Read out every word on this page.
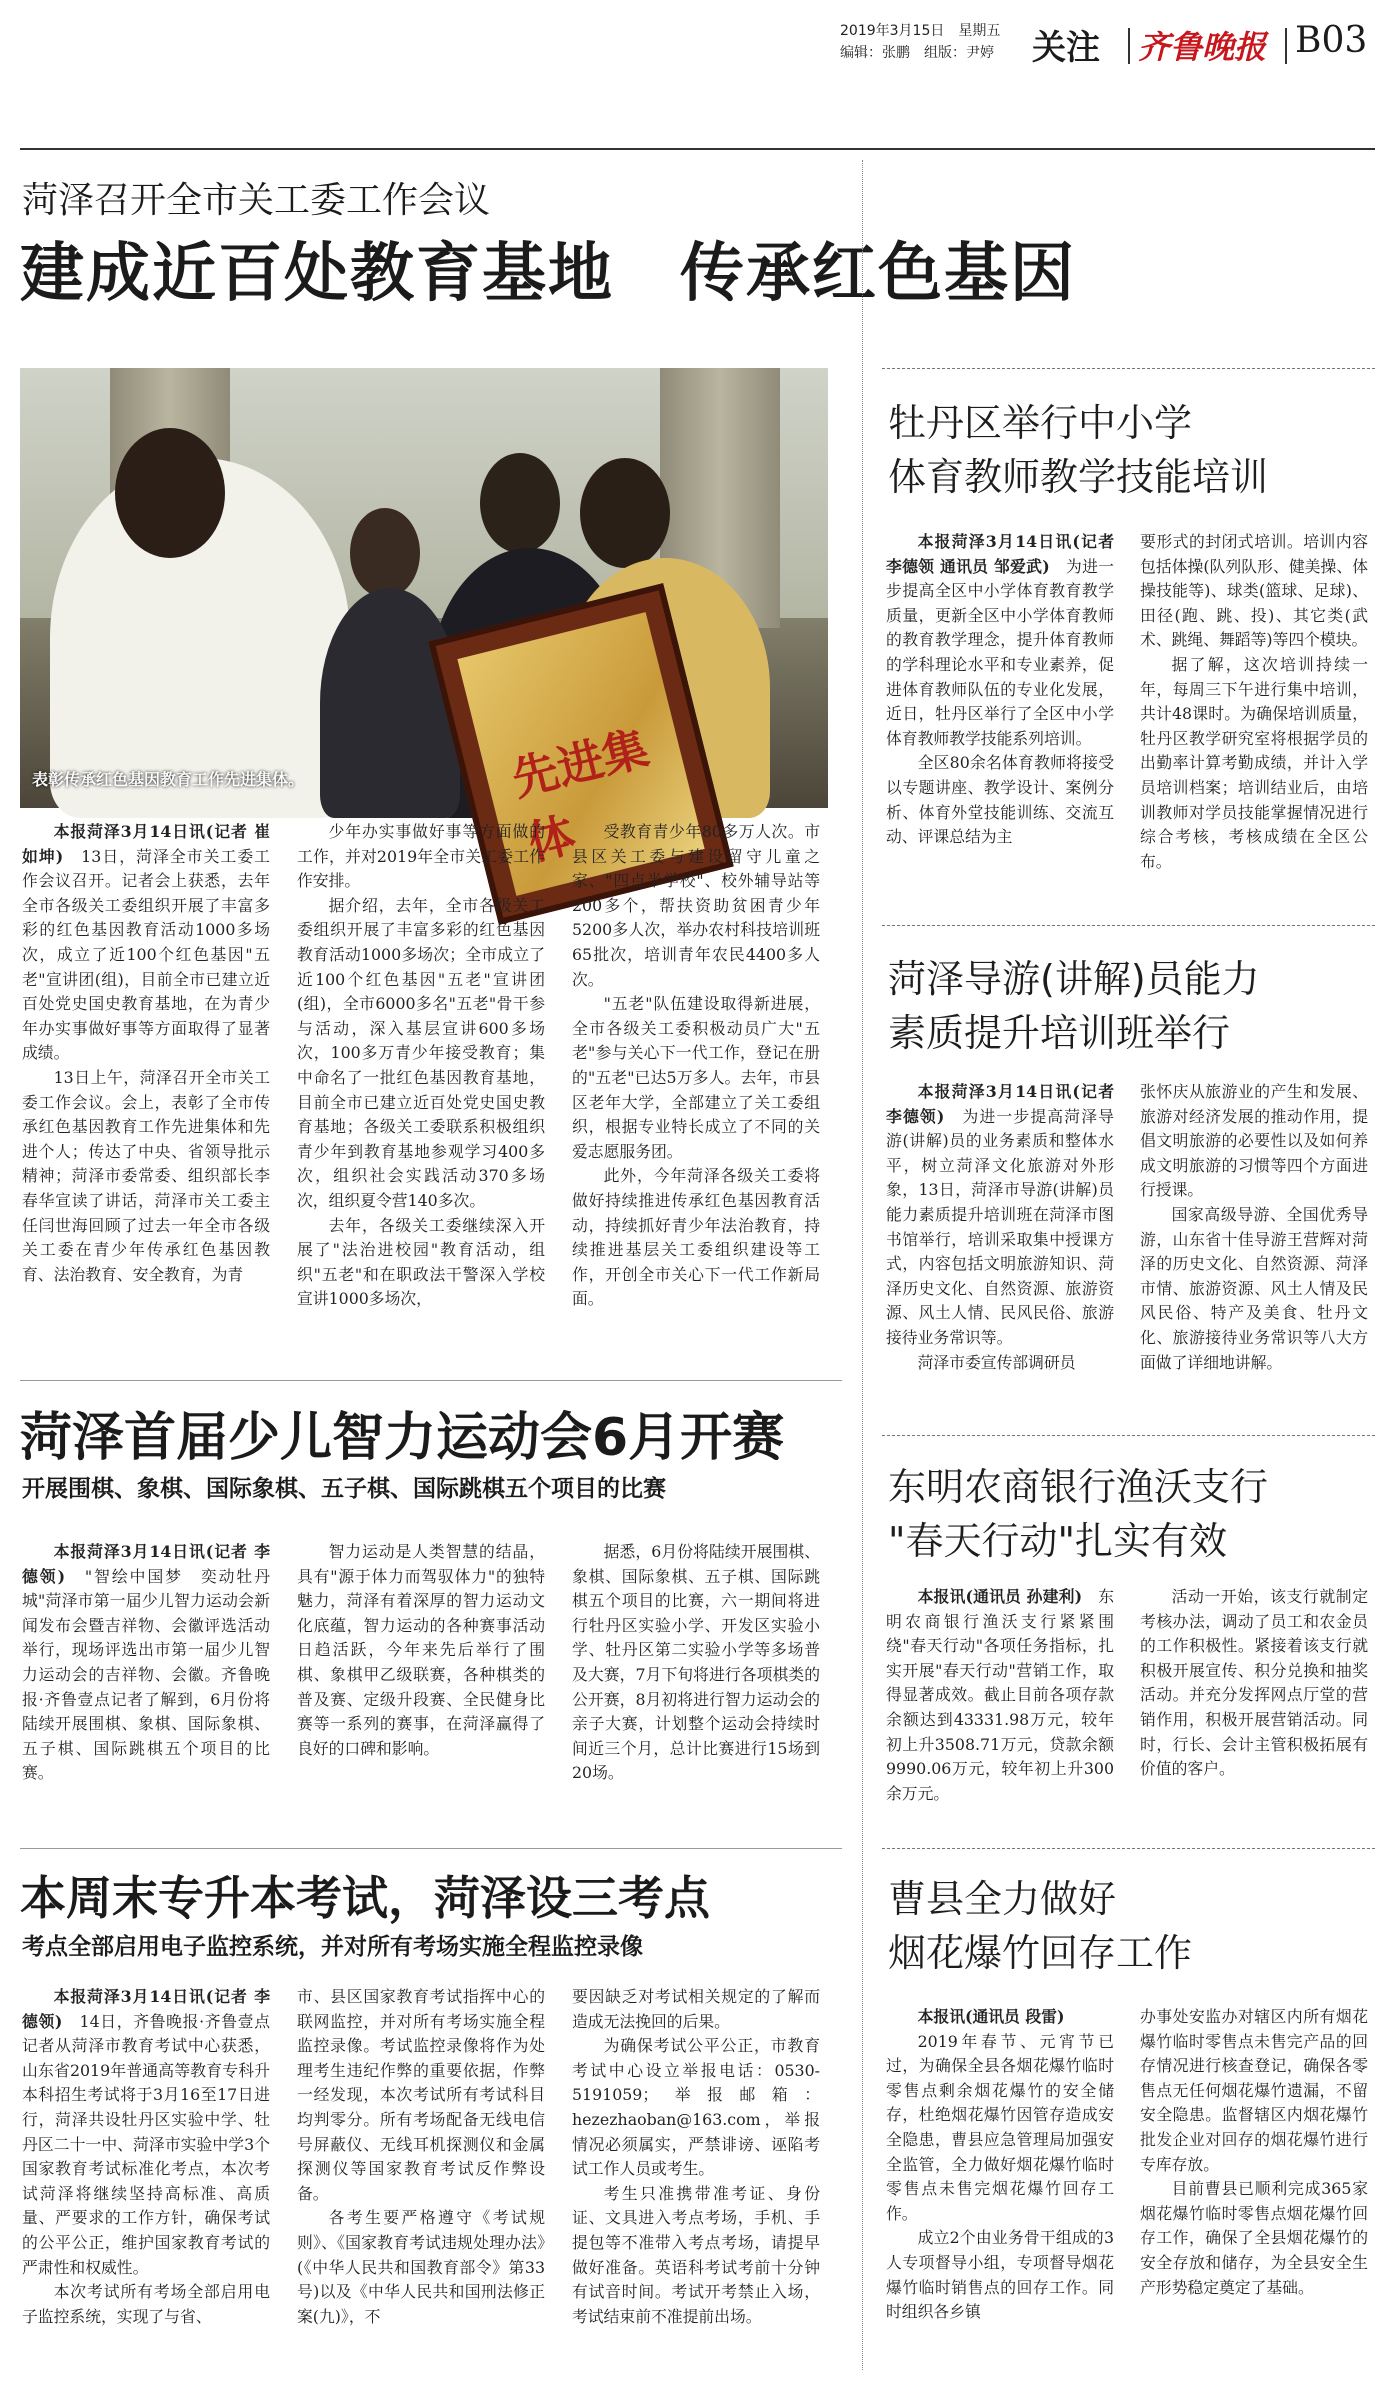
2019年3月15日　星期五
编辑：张鹏　组版：尹婷 关注 齐鲁晚报 B03
菏泽召开全市关工委工作会议
建成近百处教育基地　传承红色基因
先进集体
表彰传承红色基因教育工作先进集体。

本报菏泽3月14日讯(记者 崔如坤)　13日，菏泽全市关工委工作会议召开。记者会上获悉，去年全市各级关工委组织开展了丰富多彩的红色基因教育活动1000多场次，成立了近100个红色基因"五老"宣讲团(组)，目前全市已建立近百处党史国史教育基地，在为青少年办实事做好事等方面取得了显著成绩。

13日上午，菏泽召开全市关工委工作会议。会上，表彰了全市传承红色基因教育工作先进集体和先进个人；传达了中央、省领导批示精神；菏泽市委常委、组织部长李春华宣读了讲话，菏泽市关工委主任闫世海回顾了过去一年全市各级关工委在青少年传承红色基因教育、法治教育、安全教育，为青

少年办实事做好事等方面做的工作，并对2019年全市关工委工作作安排。

据介绍，去年，全市各级关工委组织开展了丰富多彩的红色基因教育活动1000多场次；全市成立了近100个红色基因"五老"宣讲团(组)，全市6000多名"五老"骨干参与活动，深入基层宣讲600多场次，100多万青少年接受教育；集中命名了一批红色基因教育基地，目前全市已建立近百处党史国史教育基地；各级关工委联系积极组织青少年到教育基地参观学习400多次，组织社会实践活动370多场次，组织夏令营140多次。

去年，各级关工委继续深入开展了"法治进校园"教育活动，组织"五老"和在职政法干警深入学校宣讲1000多场次，

受教育青少年80多万人次。市县区关工委与建设留守儿童之家、"四点半学校"、校外辅导站等200多个，帮扶资助贫困青少年5200多人次，举办农村科技培训班65批次，培训青年农民4400多人次。

"五老"队伍建设取得新进展，全市各级关工委积极动员广大"五老"参与关心下一代工作，登记在册的"五老"已达5万多人。去年，市县区老年大学，全部建立了关工委组织，根据专业特长成立了不同的关爱志愿服务团。

此外，今年菏泽各级关工委将做好持续推进传承红色基因教育活动，持续抓好青少年法治教育，持续推进基层关工委组织建设等工作，开创全市关心下一代工作新局面。

牡丹区举行中小学
体育教师教学技能培训

本报菏泽3月14日讯(记者 李德领 通讯员 邹爱武)　为进一步提高全区中小学体育教育教学质量，更新全区中小学体育教师的教育教学理念，提升体育教师的学科理论水平和专业素养，促进体育教师队伍的专业化发展，近日，牡丹区举行了全区中小学体育教师教学技能系列培训。

全区80余名体育教师将接受以专题讲座、教学设计、案例分析、体育外堂技能训练、交流互动、评课总结为主

要形式的封闭式培训。培训内容包括体操(队列队形、健美操、体操技能等)、球类(篮球、足球)、田径(跑、跳、投)、其它类(武术、跳绳、舞蹈等)等四个模块。

据了解，这次培训持续一年，每周三下午进行集中培训，共计48课时。为确保培训质量，牡丹区教学研究室将根据学员的出勤率计算考勤成绩，并计入学员培训档案；培训结业后，由培训教师对学员技能掌握情况进行综合考核，考核成绩在全区公布。

菏泽导游(讲解)员能力
素质提升培训班举行

本报菏泽3月14日讯(记者 李德领)　为进一步提高菏泽导游(讲解)员的业务素质和整体水平，树立菏泽文化旅游对外形象，13日，菏泽市导游(讲解)员能力素质提升培训班在菏泽市图书馆举行，培训采取集中授课方式，内容包括文明旅游知识、菏泽历史文化、自然资源、旅游资源、风土人情、民风民俗、旅游接待业务常识等。

菏泽市委宣传部调研员

张怀庆从旅游业的产生和发展、旅游对经济发展的推动作用，提倡文明旅游的必要性以及如何养成文明旅游的习惯等四个方面进行授课。

国家高级导游、全国优秀导游，山东省十佳导游王营辉对菏泽的历史文化、自然资源、菏泽市情、旅游资源、风土人情及民风民俗、特产及美食、牡丹文化、旅游接待业务常识等八大方面做了详细地讲解。

菏泽首届少儿智力运动会6月开赛
开展围棋、象棋、国际象棋、五子棋、国际跳棋五个项目的比赛

本报菏泽3月14日讯(记者 李德领)　"智绘中国梦　奕动牡丹城"菏泽市第一届少儿智力运动会新闻发布会暨吉祥物、会徽评选活动举行，现场评选出市第一届少儿智力运动会的吉祥物、会徽。齐鲁晚报·齐鲁壹点记者了解到，6月份将陆续开展围棋、象棋、国际象棋、五子棋、国际跳棋五个项目的比赛。

智力运动是人类智慧的结晶，具有"源于体力而驾驭体力"的独特魅力，菏泽有着深厚的智力运动文化底蕴，智力运动的各种赛事活动日趋活跃，今年来先后举行了围棋、象棋甲乙级联赛，各种棋类的普及赛、定级升段赛、全民健身比赛等一系列的赛事，在菏泽赢得了良好的口碑和影响。

据悉，6月份将陆续开展围棋、象棋、国际象棋、五子棋、国际跳棋五个项目的比赛，六一期间将进行牡丹区实验小学、开发区实验小学、牡丹区第二实验小学等多场普及大赛，7月下旬将进行各项棋类的公开赛，8月初将进行智力运动会的亲子大赛，计划整个运动会持续时间近三个月，总计比赛进行15场到20场。

东明农商银行渔沃支行
"春天行动"扎实有效

本报讯(通讯员 孙建利)　东明农商银行渔沃支行紧紧围绕"春天行动"各项任务指标，扎实开展"春天行动"营销工作，取得显著成效。截止目前各项存款余额达到43331.98万元，较年初上升3508.71万元，贷款余额9990.06万元，较年初上升300余万元。

活动一开始，该支行就制定考核办法，调动了员工和农金员的工作积极性。紧接着该支行就积极开展宣传、积分兑换和抽奖活动。并充分发挥网点厅堂的营销作用，积极开展营销活动。同时，行长、会计主管积极拓展有价值的客户。

本周末专升本考试，菏泽设三考点
考点全部启用电子监控系统，并对所有考场实施全程监控录像

本报菏泽3月14日讯(记者 李德领)　14日，齐鲁晚报·齐鲁壹点记者从菏泽市教育考试中心获悉，山东省2019年普通高等教育专科升本科招生考试将于3月16至17日进行，菏泽共设牡丹区实验中学、牡丹区二十一中、菏泽市实验中学3个国家教育考试标准化考点，本次考试菏泽将继续坚持高标准、高质量、严要求的工作方针，确保考试的公平公正，维护国家教育考试的严肃性和权威性。

本次考试所有考场全部启用电子监控系统，实现了与省、

市、县区国家教育考试指挥中心的联网监控，并对所有考场实施全程监控录像。考试监控录像将作为处理考生违纪作弊的重要依据，作弊一经发现，本次考试所有考试科目均判零分。所有考场配备无线电信号屏蔽仪、无线耳机探测仪和金属探测仪等国家教育考试反作弊设备。

各考生要严格遵守《考试规则》、《国家教育考试违规处理办法》(《中华人民共和国教育部令》第33号)以及《中华人民共和国刑法修正案(九)》，不

要因缺乏对考试相关规定的了解而造成无法挽回的后果。

为确保考试公平公正，市教育考试中心设立举报电话：0530-5191059；举报邮箱：hezezhaoban@163.com，举报情况必须属实，严禁诽谤、诬陷考试工作人员或考生。

考生只准携带准考证、身份证、文具进入考点考场，手机、手提包等不准带入考点考场，请提早做好准备。英语科考试考前十分钟有试音时间。考试开考禁止入场，考试结束前不准提前出场。

曹县全力做好
烟花爆竹回存工作

本报讯(通讯员 段雷)

2019年春节、元宵节已过，为确保全县各烟花爆竹临时零售点剩余烟花爆竹的安全储存，杜绝烟花爆竹因管存造成安全隐患，曹县应急管理局加强安全监管，全力做好烟花爆竹临时零售点未售完烟花爆竹回存工作。

成立2个由业务骨干组成的3人专项督导小组，专项督导烟花爆竹临时销售点的回存工作。同时组织各乡镇

办事处安监办对辖区内所有烟花爆竹临时零售点未售完产品的回存情况进行核查登记，确保各零售点无任何烟花爆竹遗漏，不留安全隐患。监督辖区内烟花爆竹批发企业对回存的烟花爆竹进行专库存放。

目前曹县已顺利完成365家烟花爆竹临时零售点烟花爆竹回存工作，确保了全县烟花爆竹的安全存放和储存，为全县安全生产形势稳定奠定了基础。
